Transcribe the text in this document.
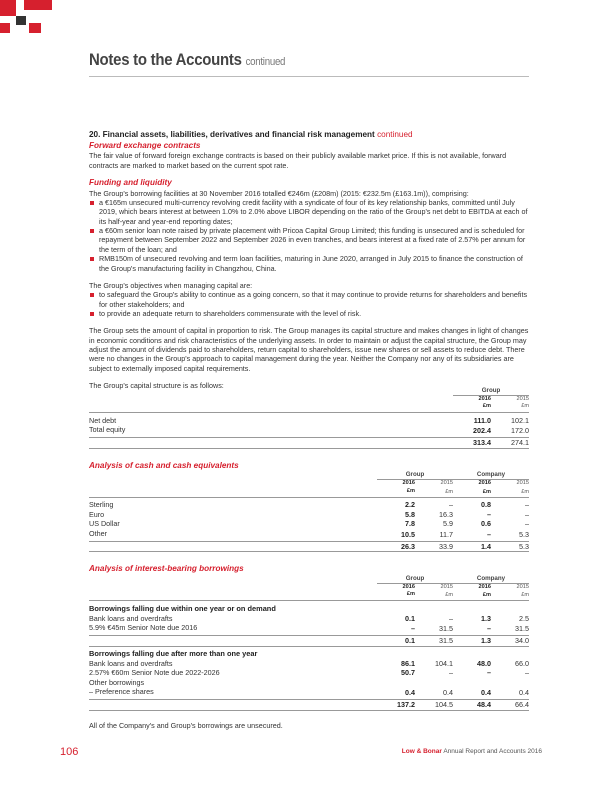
Notes to the Accounts continued
20. Financial assets, liabilities, derivatives and financial risk management continued
Forward exchange contracts

The fair value of forward foreign exchange contracts is based on their publicly available market price. If this is not available, forward contracts are marked to market based on the current spot rate.

Funding and liquidity

The Group's borrowing facilities at 30 November 2016 totalled €246m (£208m) (2015: €232.5m (£163.1m)), comprising:

a €165m unsecured multi-currency revolving credit facility with a syndicate of four of its key relationship banks, committed until July 2019, which bears interest at between 1.0% to 2.0% above LIBOR depending on the ratio of the Group's net debt to EBITDA at each of its half-year and year-end reporting dates;
a €60m senior loan note raised by private placement with Pricoa Capital Group Limited; this funding is unsecured and is scheduled for repayment between September 2022 and September 2026 in even tranches, and bears interest at a fixed rate of 2.57% per annum for the term of the loan; and
RMB150m of unsecured revolving and term loan facilities, maturing in June 2020, arranged in July 2015 to finance the construction of the Group's manufacturing facility in Changzhou, China.

The Group's objectives when managing capital are:

to safeguard the Group's ability to continue as a going concern, so that it may continue to provide returns for shareholders and benefits for other stakeholders; and
to provide an adequate return to shareholders commensurate with the level of risk.

The Group sets the amount of capital in proportion to risk. The Group manages its capital structure and makes changes in light of changes in economic conditions and risk characteristics of the underlying assets. In order to maintain or adjust the capital structure, the Group may adjust the amount of dividends paid to shareholders, return capital to shareholders, issue new shares or sell assets to reduce debt. There were no changes in the Group's approach to capital management during the year. Neither the Company nor any of its subsidiaries are subject to externally imposed capital requirements.

The Group's capital structure is as follows:

		Group	
	2016	2015
	£m	£m

Net debt	111.0	102.1
Total equity	202.4	172.0
	313.4	274.1
Analysis of cash and cash equivalents
	Group		Company	
	2016	2015	2016	2015
	£m	£m	£m	£m

Sterling	2.2	–	0.8	–
Euro	5.8	16.3	–	–
US Dollar	7.8	5.9	0.6	–
Other	10.5	11.7	–	5.3
	26.3	33.9	1.4	5.3
Analysis of interest-bearing borrowings
	Group		Company	
	2016	2015	2016	2015
	£m	£m	£m	£m

Borrowings falling due within one year or on demand				
Bank loans and overdrafts	0.1	–	1.3	2.5
5.9% €45m Senior Note due 2016	–	31.5	–	31.5
	0.1	31.5	1.3	34.0

Borrowings falling due after more than one year				
Bank loans and overdrafts	86.1	104.1	48.0	66.0
2.57% €60m Senior Note due 2022-2026	50.7	–	–	–
Other borrowings				
– Preference shares	0.4	0.4	0.4	0.4
	137.2	104.5	48.4	66.4

All of the Company's and Group's borrowings are unsecured.

106	Low & Bonar Annual Report and Accounts 2016
